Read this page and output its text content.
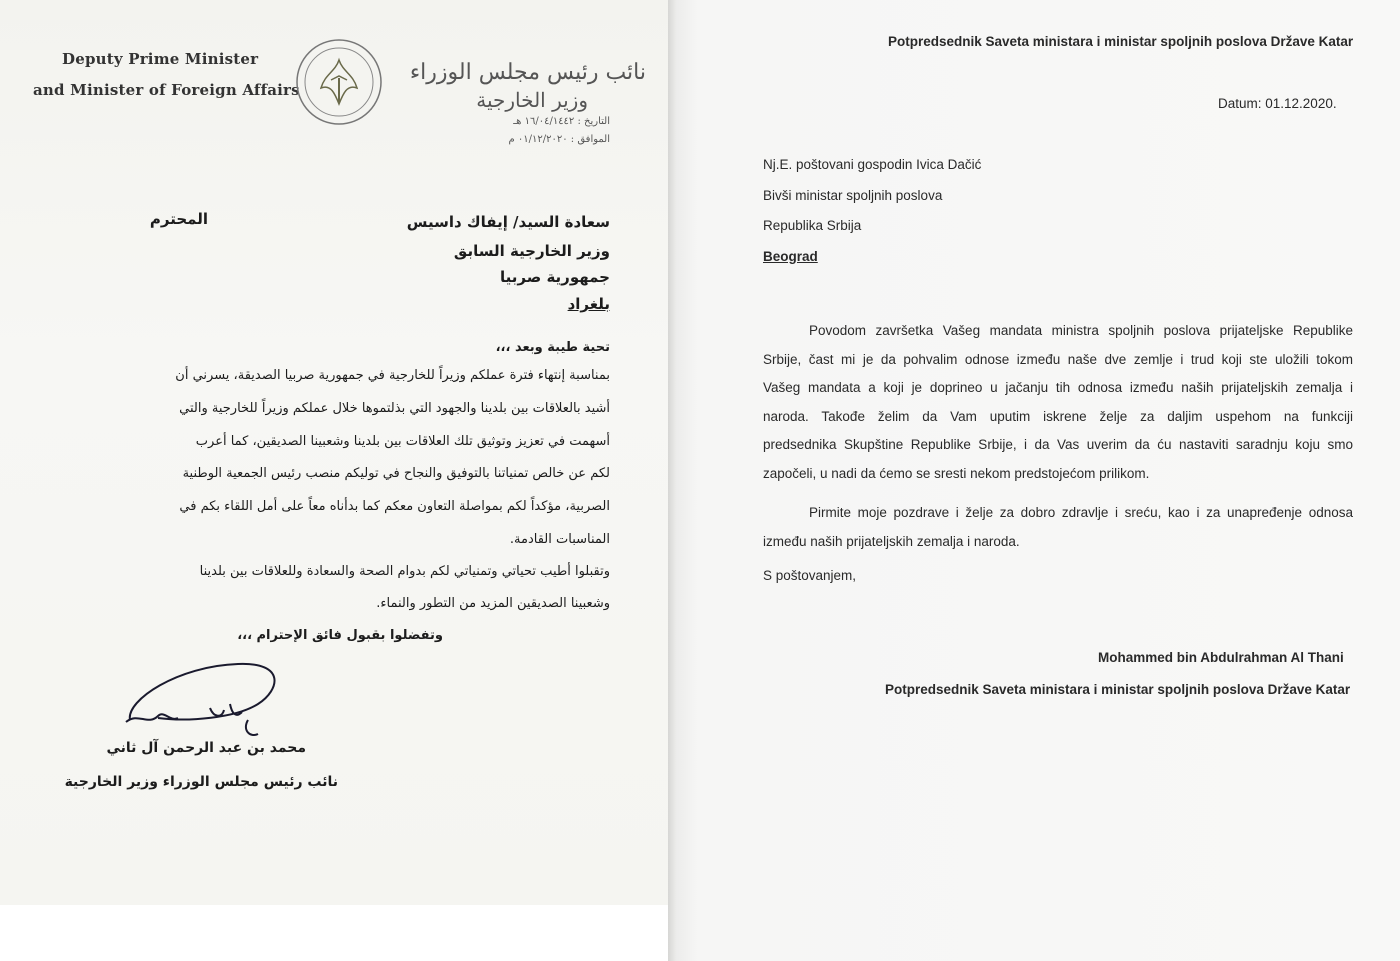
Deputy Prime Minister
and Minister of Foreign Affairs
نائب رئيس مجلس الوزراء
وزير الخارجية
التاريخ : ١٦/٠٤/١٤٤٢ هـ
الموافق : ٠١/١٢/٢٠٢٠ م
المحترم	سعادة السيد/ إيفاك داسيس
وزير الخارجية السابق
جمهورية صربيا
بلغراد
تحية طيبة وبعد ،،،
بمناسبة إنتهاء فترة عملكم وزيراً للخارجية في جمهورية صربيا الصديقة، يسرني أن
أشيد بالعلاقات بين بلدينا والجهود التي بذلتموها خلال عملكم وزيراً للخارجية والتي
أسهمت في تعزيز وتوثيق تلك العلاقات بين بلدينا وشعبينا الصديقين، كما أعرب
لكم عن خالص تمنياتنا بالتوفيق والنجاح في توليكم منصب رئيس الجمعية الوطنية
الصربية، مؤكداً لكم بمواصلة التعاون معكم كما بدأناه معاً على أمل اللقاء بكم في
المناسبات القادمة.
وتقبلوا أطيب تحياتي وتمنياتي لكم بدوام الصحة والسعادة وللعلاقات بين بلدينا
وشعبينا الصديقين المزيد من التطور والنماء.
وتفضلوا بقبول فائق الإحترام ،،،
محمد بن عبد الرحمن آل ثاني
نائب رئيس مجلس الوزراء وزير الخارجية
Potpredsednik Saveta ministara i ministar spoljnih poslova Države Katar
Datum: 01.12.2020.
Nj.E. poštovani gospodin Ivica Dačić
Bivši ministar spoljnih poslova
Republika Srbija
Beograd
Povodom završetka Vašeg mandata ministra spoljnih poslova prijateljske Republike
Srbije, čast mi je da pohvalim odnose između naše dve zemlje i trud koji ste uložili tokom
Vašeg mandata a koji je doprineo u jačanju tih odnosa između naših prijateljskih zemalja i
naroda. Takođe želim da Vam uputim iskrene želje za daljim uspehom na funkciji
predsednika Skupštine Republike Srbije, i da Vas uverim da ću nastaviti saradnju koju smo
započeli, u nadi da ćemo se sresti nekom predstojećom prilikom.
Pirmite moje pozdrave i želje za dobro zdravlje i sreću, kao i za unapređenje odnosa
između naših prijateljskih zemalja i naroda.
S poštovanjem,
Mohammed bin Abdulrahman Al Thani
Potpredsednik Saveta ministara i ministar spoljnih poslova Države Katar
